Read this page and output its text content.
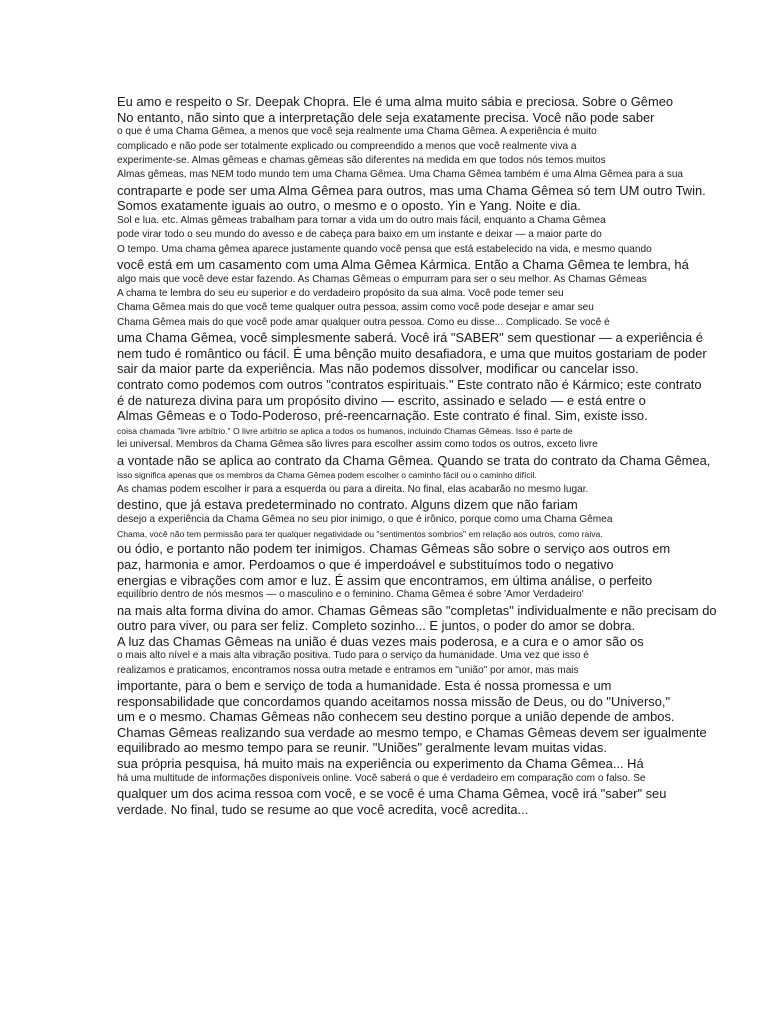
Eu amo e respeito o Sr. Deepak Chopra. Ele é uma alma muito sábia e preciosa. Sobre o Gêmeo
No entanto, não sinto que a interpretação dele seja exatamente precisa. Você não pode saber
o que é uma Chama Gêmea, a menos que você seja realmente uma Chama Gêmea. A experiência é muito
complicado e não pode ser totalmente explicado ou compreendido a menos que você realmente viva a
experimente-se. Almas gêmeas e chamas gêmeas são diferentes na medida em que todos nós temos muitos
Almas gêmeas, mas NEM todo mundo tem uma Chama Gêmea. Uma Chama Gêmea também é uma Alma Gêmea para a sua
contraparte e pode ser uma Alma Gêmea para outros, mas uma Chama Gêmea só tem UM outro Twin.
Somos exatamente iguais ao outro, o mesmo e o oposto. Yin e Yang. Noite e dia.
Sol e lua. etc. Almas gêmeas trabalham para tornar a vida um do outro mais fácil, enquanto a Chama Gêmea
pode virar todo o seu mundo do avesso e de cabeça para baixo em um instante e deixar — a maior parte do
O tempo. Uma chama gêmea aparece justamente quando você pensa que está estabelecido na vida, e mesmo quando
você está em um casamento com uma Alma Gêmea Kármica. Então a Chama Gêmea te lembra, há
algo mais que você deve estar fazendo. As Chamas Gêmeas o empurram para ser o seu melhor. As Chamas Gêmeas
A chama te lembra do seu eu superior e do verdadeiro propósito da sua alma. Você pode temer seu
Chama Gêmea mais do que você teme qualquer outra pessoa, assim como você pode desejar e amar seu
Chama Gêmea mais do que você pode amar qualquer outra pessoa. Como eu disse... Complicado. Se você é
uma Chama Gêmea, você simplesmente saberá. Você irá "SABER" sem questionar — a experiência é
nem tudo é romântico ou fácil. É uma bênção muito desafiadora, e uma que muitos gostariam de poder
sair da maior parte da experiência. Mas não podemos dissolver, modificar ou cancelar isso.
contrato como podemos com outros "contratos espirituais." Este contrato não é Kármico; este contrato
é de natureza divina para um propósito divino — escrito, assinado e selado — e está entre o
Almas Gêmeas e o Todo-Poderoso, pré-reencarnação. Este contrato é final. Sim, existe isso.
coisa chamada "livre arbítrio." O livre arbítrio se aplica a todos os humanos, incluindo Chamas Gêmeas. Isso é parte de
lei universal. Membros da Chama Gêmea são livres para escolher assim como todos os outros, exceto livre
a vontade não se aplica ao contrato da Chama Gêmea. Quando se trata do contrato da Chama Gêmea,
isso significa apenas que os membros da Chama Gêmea podem escolher o caminho fácil ou o caminho difícil.
As chamas podem escolher ir para a esquerda ou para a direita. No final, elas acabarão no mesmo lugar.
destino, que já estava predeterminado no contrato. Alguns dizem que não fariam
desejo a experiência da Chama Gêmea no seu pior inimigo, o que é irônico, porque como uma Chama Gêmea
Chama, você não tem permissão para ter qualquer negatividade ou "sentimentos sombrios" em relação aos outros, como raiva.
ou ódio, e portanto não podem ter inimigos. Chamas Gêmeas são sobre o serviço aos outros em
paz, harmonia e amor. Perdoamos o que é imperdoável e substituímos todo o negativo
energias e vibrações com amor e luz. É assim que encontramos, em última análise, o perfeito
equilíbrio dentro de nós mesmos — o masculino e o feminino. Chama Gêmea é sobre 'Amor Verdadeiro'
na mais alta forma divina do amor. Chamas Gêmeas são "completas" individualmente e não precisam do
outro para viver, ou para ser feliz. Completo sozinho... E juntos, o poder do amor se dobra.
A luz das Chamas Gêmeas na união é duas vezes mais poderosa, e a cura e o amor são os
o mais alto nível e a mais alta vibração positiva. Tudo para o serviço da humanidade. Uma vez que isso é
realizamos e praticamos, encontramos nossa outra metade e entramos em "união" por amor, mas mais
importante, para o bem e serviço de toda a humanidade. Esta é nossa promessa e um
responsabilidade que concordamos quando aceitamos nossa missão de Deus, ou do "Universo,"
um e o mesmo. Chamas Gêmeas não conhecem seu destino porque a união depende de ambos.
Chamas Gêmeas realizando sua verdade ao mesmo tempo, e Chamas Gêmeas devem ser igualmente
equilibrado ao mesmo tempo para se reunir. "Uniões" geralmente levam muitas vidas.
sua própria pesquisa, há muito mais na experiência ou experimento da Chama Gêmea... Há
há uma multitude de informações disponíveis online. Você saberá o que é verdadeiro em comparação com o falso. Se
qualquer um dos acima ressoa com você, e se você é uma Chama Gêmea, você irá "saber" seu
verdade. No final, tudo se resume ao que você acredita, você acredita...
